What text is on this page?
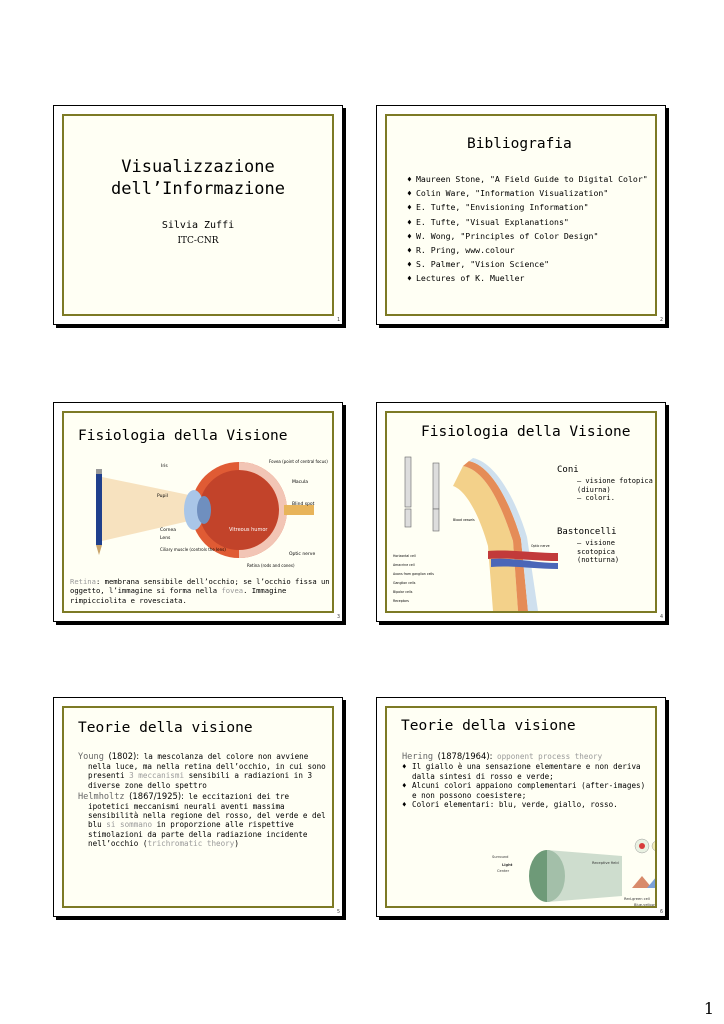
Visualizzazione
dell’Informazione
Silvia Zuffi
ITC-CNR
1
Bibliografia
♦ Maureen Stone, "A Field Guide to Digital Color"
♦ Colin Ware, "Information Visualization"
♦ E. Tufte, "Envisioning Information"
♦ E. Tufte, "Visual Explanations"
♦ W. Wong, "Principles of Color Design"
♦ R. Pring, www.colour
♦ S. Palmer, "Vision Science"
♦ Lectures of K. Mueller
2
Fisiologia della Visione
Iris
Fovea (point of central focus)
Macula
Pupil
Blind spot
Cornea
Lens
Vitreous humor
Ciliary muscle (controls the lens)
Retina (rods and cones)
Optic nerve
Retina: membrana sensibile dell’occhio; se l’occhio fissa un oggetto, l’immagine si forma nella fovea. Immagine rimpicciolita e rovesciata.
3
Fisiologia della Visione
Blood vessels
Optic nerve
Horizontal cell
Amacrine cell
Axons from ganglion cells
Ganglion cells
Bipolar cells
Receptors
Coni
– visione fotopica (diurna)
– colori.
Bastoncelli
– visione scotopica (notturna)
4
Teorie della visione

Young (1802): la mescolanza del colore non avviene nella luce, ma nella retina dell’occhio, in cui sono presenti 3 meccanismi sensibili a radiazioni in 3 diverse zone dello spettro

Helmholtz (1867/1925): le eccitazioni dei tre ipotetici meccanismi neurali aventi massima sensibilità nella regione del rosso, del verde e del blu si sommano in proporzione alle rispettive stimolazioni da parte della radiazione incidente nell’occhio (trichromatic theory)

5
Teorie della visione
Hering (1878/1964): opponent process theory
♦ Il giallo è una sensazione elementare e non deriva dalla sintesi di rosso e verde;
♦ Alcuni colori appaiono complementari (after-images) e non possono coesistere;
♦ Colori elementari: blu, verde, giallo, rosso.
Surround
Light
Center
Receptive field
Red-green cell
Blue-yellow cell
6
1
